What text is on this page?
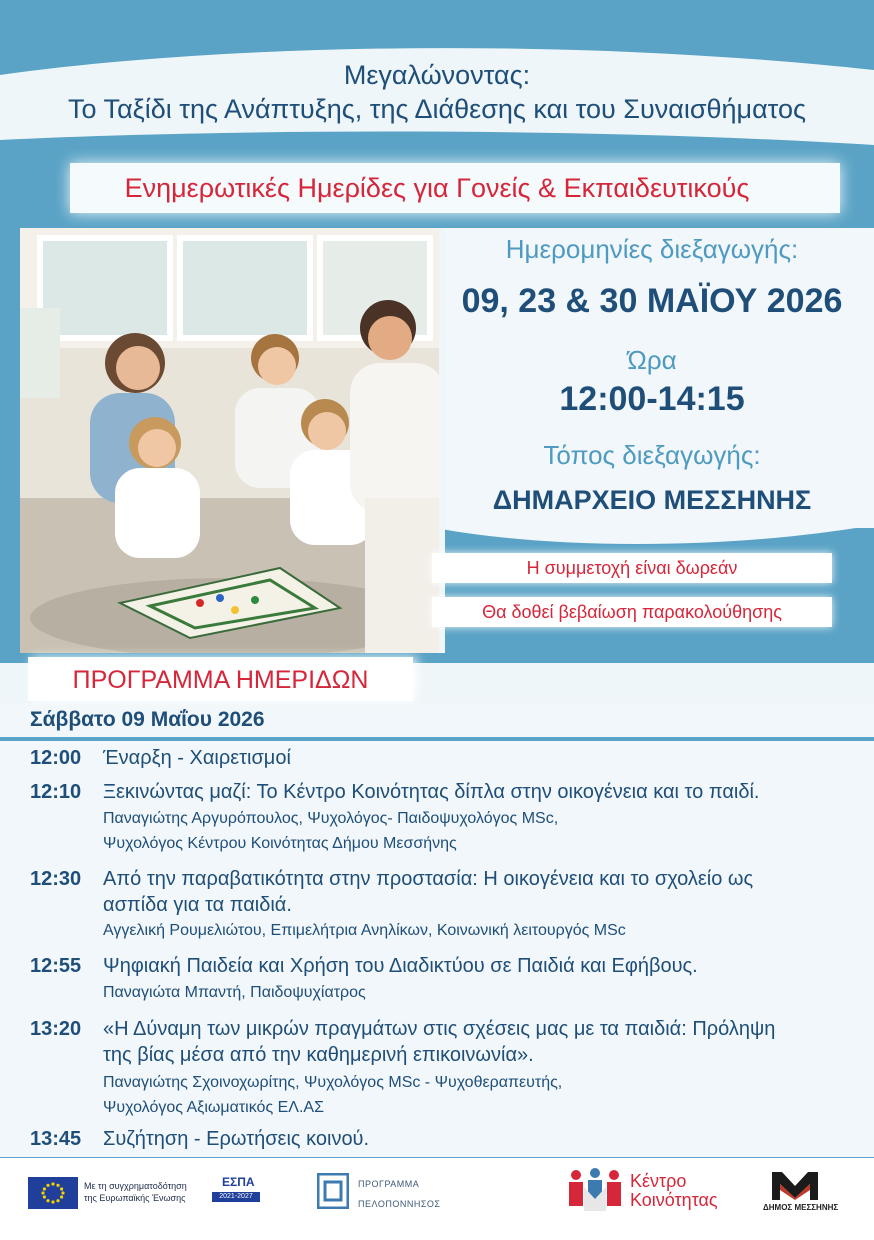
Μεγαλώνοντας:
Το Ταξίδι της Ανάπτυξης, της Διάθεσης και του Συναισθήματος
Ενημερωτικές Ημερίδες για Γονείς & Εκπαιδευτικούς
Ημερομηνίες διεξαγωγής:
09, 23 & 30 ΜΑΪΟΥ 2026
Ώρα
12:00-14:15
Τόπος διεξαγωγής:
ΔΗΜΑΡΧΕΙΟ ΜΕΣΣΗΝΗΣ
Η συμμετοχή είναι δωρεάν
Θα δοθεί βεβαίωση παρακολούθησης
ΠΡΟΓΡΑΜΜΑ ΗΜΕΡΙΔΩΝ
Σάββατο 09 Μαΐου 2026
12:00 Έναρξη - Χαιρετισμοί
12:10 Ξεκινώντας μαζί: Το Κέντρο Κοινότητας δίπλα στην οικογένεια και το παιδί.
Παναγιώτης Αργυρόπουλος, Ψυχολόγος- Παιδοψυχολόγος MSc,
Ψυχολόγος Κέντρου Κοινότητας Δήμου Μεσσήνης
12:30 Από την παραβατικότητα στην προστασία: Η οικογένεια και το σχολείο ως
ασπίδα για τα παιδιά.
Αγγελική Ρουμελιώτου, Επιμελήτρια Ανηλίκων, Κοινωνική λειτουργός MSc
12:55 Ψηφιακή Παιδεία και Χρήση του Διαδικτύου σε Παιδιά και Εφήβους.
Παναγιώτα Μπαντή, Παιδοψυχίατρος
13:20 «Η Δύναμη των μικρών πραγμάτων στις σχέσεις μας με τα παιδιά: Πρόληψη
της βίας μέσα από την καθημερινή επικοινωνία».
Παναγιώτης Σχοινοχωρίτης, Ψυχολόγος MSc - Ψυχοθεραπευτής,
Ψυχολόγος Αξιωματικός ΕΛ.ΑΣ
13:45 Συζήτηση - Ερωτήσεις κοινού.
Με τη συγχρηματοδότηση
της Ευρωπαϊκής Ένωσης
ΕΣΠΑ
2021-2027
ΠΡΟΓΡΑΜΜΑ
ΠΕΛΟΠΟΝΝΗΣΟΣ
Κέντρο
Κοινότητας	ΔΗΜΟΣ ΜΕΣΣΗΝΗΣ
